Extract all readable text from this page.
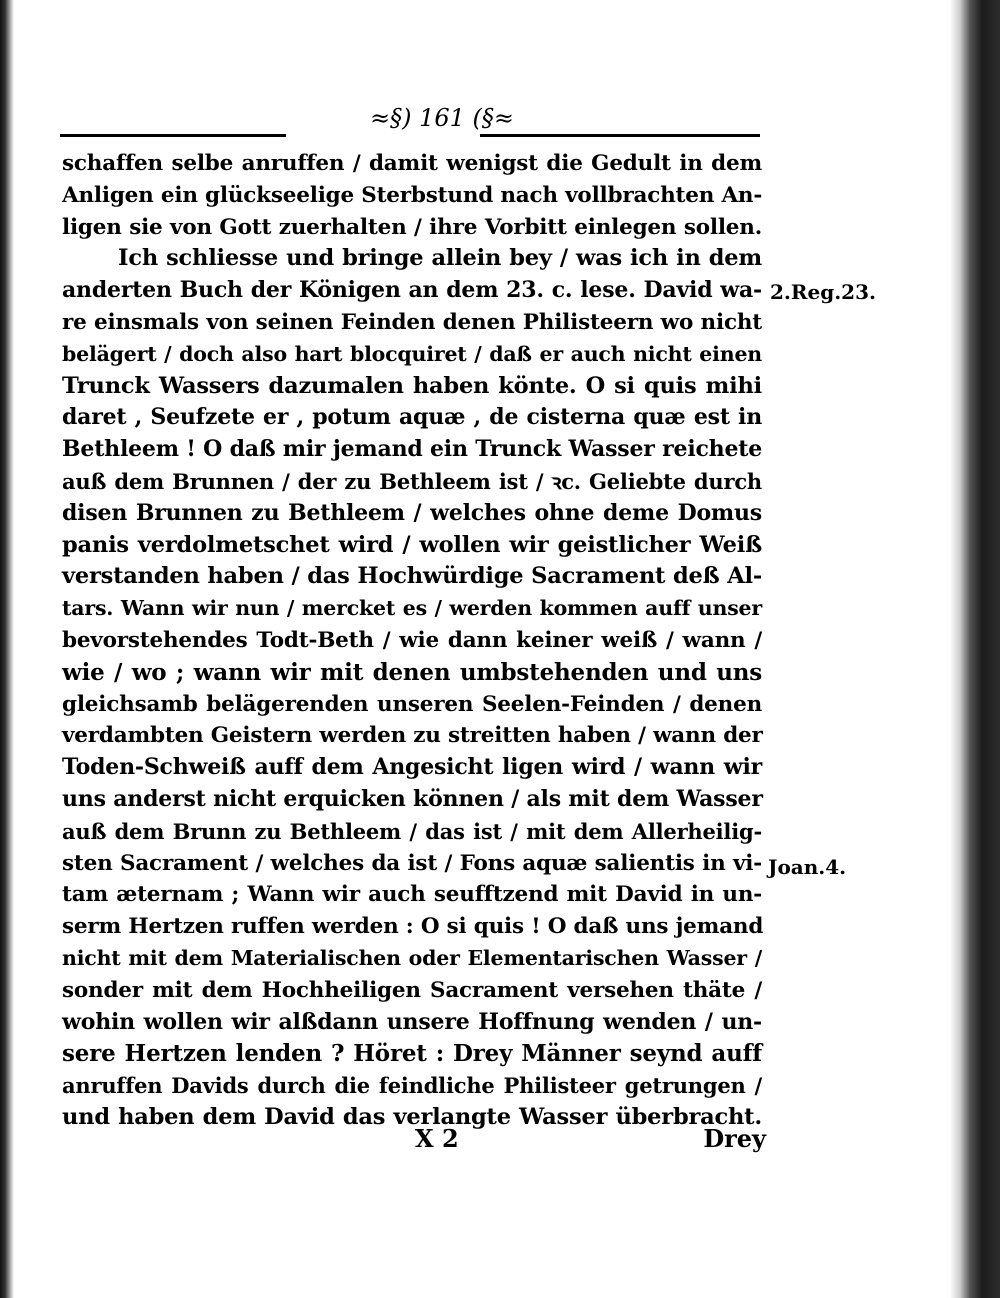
≈§) 161 (§≈
schaffen selbe anruffen / damit wenigst die Gedult in dem
Anligen ein glückseelige Sterbstund nach vollbrachten An-
ligen sie von Gott zuerhalten / ihre Vorbitt einlegen sollen.
Ich schliesse und bringe allein bey / was ich in dem
anderten Buch der Königen an dem 23. c. lese. David wa-
re einsmals von seinen Feinden denen Philisteern wo nicht
belägert / doch also hart blocquiret / daß er auch nicht einen
Trunck Wassers dazumalen haben könte. O si quis mihi
daret , Seufzete er , potum aquæ , de cisterna quæ est in
Bethleem ! O daß mir jemand ein Trunck Wasser reichete
auß dem Brunnen / der zu Bethleem ist / ꝛc. Geliebte durch
disen Brunnen zu Bethleem / welches ohne deme Domus
panis verdolmetschet wird / wollen wir geistlicher Weiß
verstanden haben / das Hochwürdige Sacrament deß Al-
tars. Wann wir nun / mercket es / werden kommen auff unser
bevorstehendes Todt-Beth / wie dann keiner weiß / wann /
wie / wo ; wann wir mit denen umbstehenden und uns
gleichsamb belägerenden unseren Seelen-Feinden / denen
verdambten Geistern werden zu streitten haben / wann der
Toden-Schweiß auff dem Angesicht ligen wird / wann wir
uns anderst nicht erquicken können / als mit dem Wasser
auß dem Brunn zu Bethleem / das ist / mit dem Allerheilig-
sten Sacrament / welches da ist / Fons aquæ salientis in vi-
tam æternam ; Wann wir auch seufftzend mit David in un-
serm Hertzen ruffen werden : O si quis ! O daß uns jemand
nicht mit dem Materialischen oder Elementarischen Wasser /
sonder mit dem Hochheiligen Sacrament versehen thäte /
wohin wollen wir alßdann unsere Hoffnung wenden / un-
sere Hertzen lenden ? Höret : Drey Männer seynd auff
anruffen Davids durch die feindliche Philisteer getrungen /
und haben dem David das verlangte Wasser überbracht.
2.Reg.23.
Joan.4.
X 2	Drey
